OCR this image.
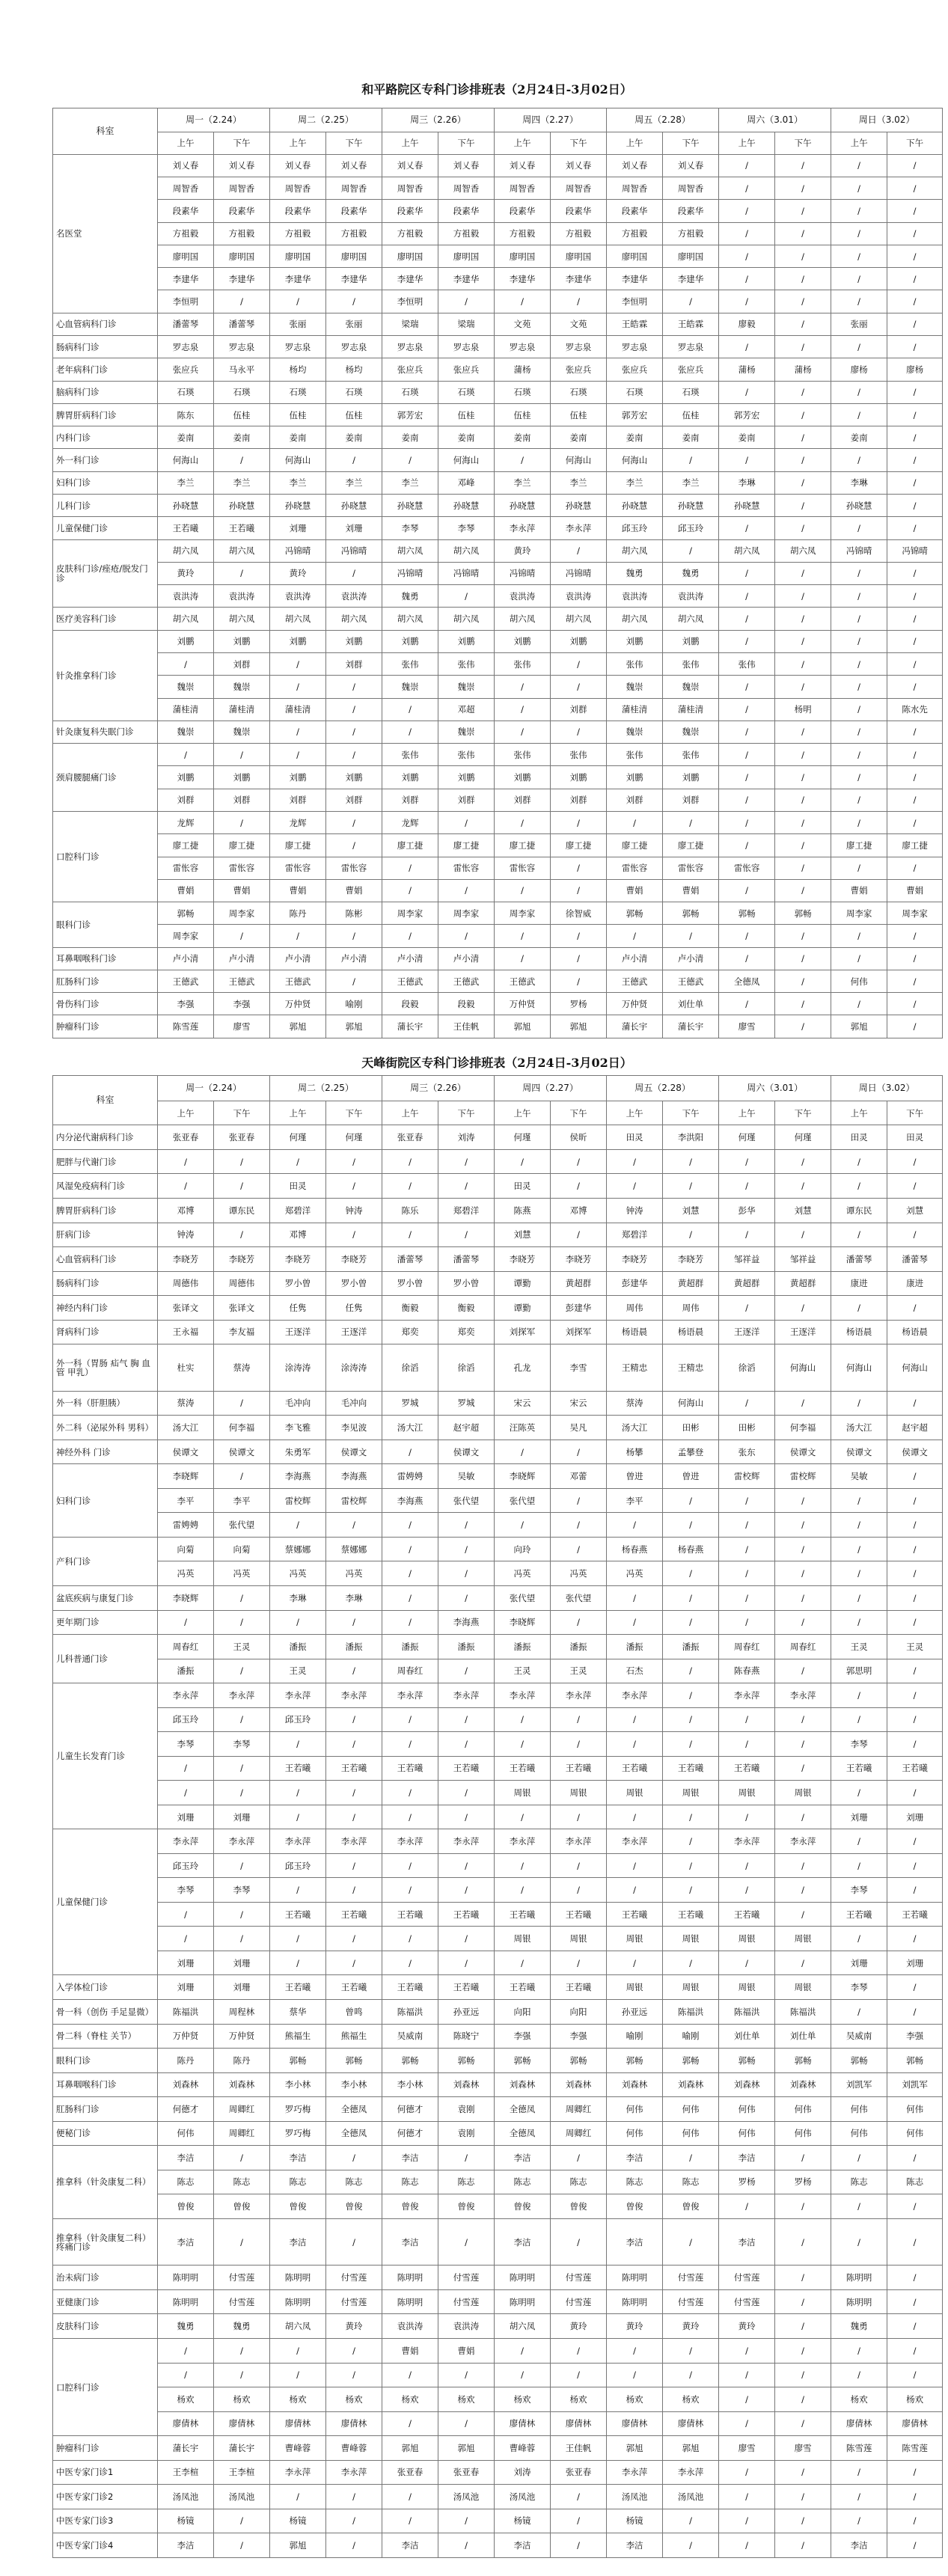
和平路院区专科门诊排班表（2月24日-3月02日）
科室	周一（2.24）		周二（2.25）		周三（2.26）		周四（2.27）		周五（2.28）		周六（3.01）		周日（3.02）	
	上午	下午	上午	下午	上午	下午	上午	下午	上午	下午	上午	下午	上午	下午
名医堂	刘乂春	刘乂春	刘乂春	刘乂春	刘乂春	刘乂春	刘乂春	刘乂春	刘乂春	刘乂春	/	/	/	/
	周智香	周智香	周智香	周智香	周智香	周智香	周智香	周智香	周智香	周智香	/	/	/	/
	段素华	段素华	段素华	段素华	段素华	段素华	段素华	段素华	段素华	段素华	/	/	/	/
	方祖毅	方祖毅	方祖毅	方祖毅	方祖毅	方祖毅	方祖毅	方祖毅	方祖毅	方祖毅	/	/	/	/
	廖明国	廖明国	廖明国	廖明国	廖明国	廖明国	廖明国	廖明国	廖明国	廖明国	/	/	/	/
	李建华	李建华	李建华	李建华	李建华	李建华	李建华	李建华	李建华	李建华	/	/	/	/
	李恒明	/	/	/	李恒明	/	/	/	李恒明	/	/	/	/	/
心血管病科门诊	潘蕾琴	潘蕾琴	张丽	张丽	梁瑞	梁瑞	文苑	文苑	王皓霖	王皓霖	廖毅	/	张丽	/
肠病科门诊	罗志泉	罗志泉	罗志泉	罗志泉	罗志泉	罗志泉	罗志泉	罗志泉	罗志泉	罗志泉	/	/	/	/
老年病科门诊	张应兵	马永平	杨均	杨均	张应兵	张应兵	蒲杨	张应兵	张应兵	张应兵	蒲杨	蒲杨	廖杨	廖杨
脑病科门诊	石瑛	石瑛	石瑛	石瑛	石瑛	石瑛	石瑛	石瑛	石瑛	石瑛	/	/	/	/
脾胃肝病科门诊	陈东	伍桂	伍桂	伍桂	郭芳宏	伍桂	伍桂	伍桂	郭芳宏	伍桂	郭芳宏	/	/	/
内科门诊	姜南	姜南	姜南	姜南	姜南	姜南	姜南	姜南	姜南	姜南	姜南	/	姜南	/
外一科门诊	何海山	/	何海山	/	/	何海山	/	何海山	何海山	/	/	/	/	/
妇科门诊	李兰	李兰	李兰	李兰	李兰	邓峰	李兰	李兰	李兰	李兰	李琳	/	李琳	/
儿科门诊	孙晓慧	孙晓慧	孙晓慧	孙晓慧	孙晓慧	孙晓慧	孙晓慧	孙晓慧	孙晓慧	孙晓慧	孙晓慧	/	孙晓慧	/
儿童保健门诊	王若曦	王若曦	刘珊	刘珊	李琴	李琴	李永萍	李永萍	邱玉玲	邱玉玲	/	/	/	/
皮肤科门诊/痤疮/脱发门诊	胡六凤	胡六凤	冯锦晴	冯锦晴	胡六凤	胡六凤	黄玲	/	胡六凤	/	胡六凤	胡六凤	冯锦晴	冯锦晴
	黄玲	/	黄玲	/	冯锦晴	冯锦晴	冯锦晴	冯锦晴	魏勇	魏勇	/	/	/	/
	袁洪涛	袁洪涛	袁洪涛	袁洪涛	魏勇	/	袁洪涛	袁洪涛	袁洪涛	袁洪涛	/	/	/	/
医疗美容科门诊	胡六凤	胡六凤	胡六凤	胡六凤	胡六凤	胡六凤	胡六凤	胡六凤	胡六凤	胡六凤	/	/	/	/
针灸推拿科门诊	刘鹏	刘鹏	刘鹏	刘鹏	刘鹏	刘鹏	刘鹏	刘鹏	刘鹏	刘鹏	/	/	/	/
	/	刘群	/	刘群	张伟	张伟	张伟	/	张伟	张伟	张伟	/	/	/
	魏崇	魏崇	/	/	魏崇	魏崇	/	/	魏崇	魏崇	/	/	/	/
	蒲桂清	蒲桂清	蒲桂清	/	/	邓超	/	刘群	蒲桂清	蒲桂清	/	杨明	/	陈水先
针灸康复科失眠门诊	魏崇	魏崇	/	/	/	魏崇	/	/	魏崇	魏崇	/	/	/	/
颈肩腰腿痛门诊	/	/	/	/	张伟	张伟	张伟	张伟	张伟	张伟	/	/	/	/
	刘鹏	刘鹏	刘鹏	刘鹏	刘鹏	刘鹏	刘鹏	刘鹏	刘鹏	刘鹏	/	/	/	/
	刘群	刘群	刘群	刘群	刘群	刘群	刘群	刘群	刘群	刘群	/	/	/	/
口腔科门诊	龙辉	/	龙辉	/	龙辉	/	/	/	/	/	/	/	/	/
	廖工捷	廖工捷	廖工捷	/	廖工捷	廖工捷	廖工捷	廖工捷	廖工捷	廖工捷	/	/	廖工捷	廖工捷
	雷怅容	雷怅容	雷怅容	雷怅容	/	雷怅容	雷怅容	/	雷怅容	雷怅容	雷怅容	/	/	/
	曹娟	曹娟	曹娟	曹娟	/	/	/	/	曹娟	曹娟	/	/	曹娟	曹娟
眼科门诊	郭畅	周李家	陈丹	陈彬	周李家	周李家	周李家	徐智威	郭畅	郭畅	郭畅	郭畅	周李家	周李家
	周李家	/	/	/	/	/	/	/	/	/	/	/	/	/
耳鼻咽喉科门诊	卢小清	卢小清	卢小清	卢小清	卢小清	卢小清	/	/	卢小清	卢小清	/	/	/	/
肛肠科门诊	王德武	王德武	王德武	/	王德武	王德武	王德武	/	王德武	王德武	全德凤	/	何伟	/
骨伤科门诊	李强	李强	万仲贤	喻刚	段毅	段毅	万仲贤	罗杨	万仲贤	刘仕单	/	/	/	/
肿瘤科门诊	陈雪莲	廖雪	郭旭	郭旭	蒲长宇	王佳帆	郭旭	郭旭	蒲长宇	蒲长宇	廖雪	/	郭旭	/
天峰街院区专科门诊排班表（2月24日-3月02日）
科室	周一（2.24）		周二（2.25）		周三（2.26）		周四（2.27）		周五（2.28）		周六（3.01）		周日（3.02）	
	上午	下午	上午	下午	上午	下午	上午	下午	上午	下午	上午	下午	上午	下午
内分泌代谢病科门诊	张亚春	张亚春	何瑾	何瑾	张亚春	刘涛	何瑾	侯昕	田灵	李洪阳	何瑾	何瑾	田灵	田灵
肥胖与代谢门诊	/	/	/	/	/	/	/	/	/	/	/	/	/	/
风湿免疫病科门诊	/	/	田灵	/	/	/	田灵	/	/	/	/	/	/	/
脾胃肝病科门诊	邓博	谭东民	郑碧洋	钟涛	陈乐	郑碧洋	陈燕	邓博	钟涛	刘慧	彭华	刘慧	谭东民	刘慧
肝病门诊	钟涛	/	邓博	/	/	/	刘慧	/	郑碧洋	/	/	/	/	/
心血管病科门诊	李晓芳	李晓芳	李晓芳	李晓芳	潘蕾琴	潘蕾琴	李晓芳	李晓芳	李晓芳	李晓芳	邹祥益	邹祥益	潘蕾琴	潘蕾琴
肠病科门诊	周德伟	周德伟	罗小曾	罗小曾	罗小曾	罗小曾	谭勤	黄超群	彭建华	黄超群	黄超群	黄超群	康进	康进
神经内科门诊	张译文	张译文	任隽	任隽	衡毅	衡毅	谭勤	彭建华	周伟	周伟	/	/	/	/
肾病科门诊	王永福	李友福	王逐洋	王逐洋	郑奕	郑奕	刘探军	刘探军	杨语晨	杨语晨	王逐洋	王逐洋	杨语晨	杨语晨
外一科（胃肠 疝气 胸 血管 甲乳）	杜实	蔡涛	涂涛涛	涂涛涛	徐滔	徐滔	孔龙	李雪	王精忠	王精忠	徐滔	何海山	何海山	何海山
外一科（肝胆胰）	蔡涛	/	毛冲向	毛冲向	罗城	罗城	宋云	宋云	蔡涛	何海山	/	/	/	/
外二科（泌尿外科 男科）	汤大江	何李福	李飞雅	李见波	汤大江	赵宇超	汪陈英	吴凡	汤大江	田彬	田彬	何李福	汤大江	赵宇超
神经外科 门诊	侯谭文	侯谭文	朱勇军	侯谭文	/	侯谭文	/	/	杨攀	孟攀登	张东	侯谭文	侯谭文	侯谭文
妇科门诊	李晓辉	/	李海燕	李海燕	雷娉娉	吴敏	李晓辉	邓蕾	曾进	曾进	雷校辉	雷校辉	吴敏	/
	李平	李平	雷校辉	雷校辉	李海燕	张代望	张代望	/	李平	/	/	/	/	/
	雷娉娉	张代望	/	/	/	/	/	/	/	/	/	/	/	/
产科门诊	向菊	向菊	蔡娜娜	蔡娜娜	/	/	向玲	/	杨春燕	杨春燕	/	/	/	/
	冯英	冯英	冯英	冯英	/	/	冯英	冯英	冯英	/	/	/	/	/
盆底疾病与康复门诊	李晓辉	/	李琳	李琳	/	/	张代望	张代望	/	/	/	/	/	/
更年期门诊	/	/	/	/	/	李海燕	李晓辉	/	/	/	/	/	/	/
儿科普通门诊	周春红	王灵	潘振	潘振	潘振	潘振	潘振	潘振	潘振	潘振	周春红	周春红	王灵	王灵
	潘振	/	王灵	/	周春红	/	王灵	王灵	石杰	/	陈春燕	/	郭思明	/
儿童生长发育门诊	李永萍	李永萍	李永萍	李永萍	李永萍	李永萍	李永萍	李永萍	李永萍	/	李永萍	李永萍	/	/
	邱玉玲	/	邱玉玲	/	/	/	/	/	/	/	/	/	/	/
	李琴	李琴	/	/	/	/	/	/	/	/	/	/	李琴	/
	/	/	王若曦	王若曦	王若曦	王若曦	王若曦	王若曦	王若曦	王若曦	王若曦	/	王若曦	王若曦
	/	/	/	/	/	/	周银	周银	周银	周银	周银	周银	/	/
	刘珊	刘珊	/	/	/	/	/	/	/	/	/	/	刘珊	刘珊
儿童保健门诊	李永萍	李永萍	李永萍	李永萍	李永萍	李永萍	李永萍	李永萍	李永萍	/	李永萍	李永萍	/	/
	邱玉玲	/	邱玉玲	/	/	/	/	/	/	/	/	/	/	/
	李琴	李琴	/	/	/	/	/	/	/	/	/	/	李琴	/
	/	/	王若曦	王若曦	王若曦	王若曦	王若曦	王若曦	王若曦	王若曦	王若曦	/	王若曦	王若曦
	/	/	/	/	/	/	周银	周银	周银	周银	周银	周银	/	/
	刘珊	刘珊	/	/	/	/	/	/	/	/	/	/	刘珊	刘珊
入学体检门诊	刘珊	刘珊	王若曦	王若曦	王若曦	王若曦	王若曦	王若曦	周银	周银	周银	周银	李琴	/
骨一科（创伤 手足显微）	陈福洪	周程林	蔡华	曾鸣	陈福洪	孙亚远	向阳	向阳	孙亚远	陈福洪	陈福洪	陈福洪	/	/
骨二科（脊柱 关节）	万仲贤	万仲贤	熊福生	熊福生	吴威南	陈晓宁	李强	李强	喻刚	喻刚	刘仕单	刘仕单	吴威南	李强
眼科门诊	陈丹	陈丹	郭畅	郭畅	郭畅	郭畅	郭畅	郭畅	郭畅	郭畅	郭畅	郭畅	郭畅	郭畅
耳鼻咽喉科门诊	刘森林	刘森林	李小林	李小林	李小林	刘森林	刘森林	刘森林	刘森林	刘森林	刘森林	刘森林	刘凯军	刘凯军
肛肠科门诊	何德才	周卿红	罗巧梅	全德凤	何德才	袁刚	全德凤	周卿红	何伟	何伟	何伟	何伟	何伟	何伟
便秘门诊	何伟	周卿红	罗巧梅	全德凤	何德才	袁刚	全德凤	周卿红	何伟	何伟	何伟	何伟	何伟	何伟
推拿科（针灸康复二科）	李洁	/	李洁	/	李洁	/	李洁	/	李洁	/	李洁	/	/	/
	陈志	陈志	陈志	陈志	陈志	陈志	陈志	陈志	陈志	陈志	罗杨	罗杨	陈志	陈志
	曾俊	曾俊	曾俊	曾俊	曾俊	曾俊	曾俊	曾俊	曾俊	曾俊	/	/	/	/
推拿科（针灸康复二科）疼痛门诊	李洁	/	李洁	/	李洁	/	李洁	/	李洁	/	李洁	/	/	/
治未病门诊	陈明明	付雪莲	陈明明	付雪莲	陈明明	付雪莲	陈明明	付雪莲	陈明明	付雪莲	付雪莲	/	陈明明	/
亚健康门诊	陈明明	付雪莲	陈明明	付雪莲	陈明明	付雪莲	陈明明	付雪莲	陈明明	付雪莲	付雪莲	/	陈明明	/
皮肤科门诊	魏勇	魏勇	胡六凤	黄玲	袁洪涛	袁洪涛	胡六凤	黄玲	黄玲	黄玲	黄玲	/	魏勇	/
口腔科门诊	/	/	/	/	曹娟	曹娟	/	/	/	/	/	/	/	/
	/	/	/	/	/	/	/	/	/	/	/	/	/	/
	杨欢	杨欢	杨欢	杨欢	杨欢	杨欢	杨欢	杨欢	杨欢	杨欢	/	/	杨欢	杨欢
	廖倩林	廖倩林	廖倩林	廖倩林	/	/	廖倩林	廖倩林	廖倩林	廖倩林	/	/	廖倩林	廖倩林
肿瘤科门诊	蒲长宇	蒲长宇	曹峰蓉	曹峰蓉	郭旭	郭旭	曹峰蓉	王佳帆	郭旭	郭旭	廖雪	廖雪	陈雪莲	陈雪莲
中医专家门诊1	王李楦	王李楦	李永萍	李永萍	张亚春	张亚春	刘涛	张亚春	李永萍	李永萍	/	/	/	/
中医专家门诊2	汤凤池	汤凤池	/	/	/	汤凤池	汤凤池	/	汤凤池	汤凤池	/	/	/	/
中医专家门诊3	杨镜	/	杨镜	/	/	/	杨镜	/	杨镜	/	/	/	/	/
中医专家门诊4	李洁	/	郭旭	/	李洁	/	李洁	/	李洁	/	/	/	李洁	/
